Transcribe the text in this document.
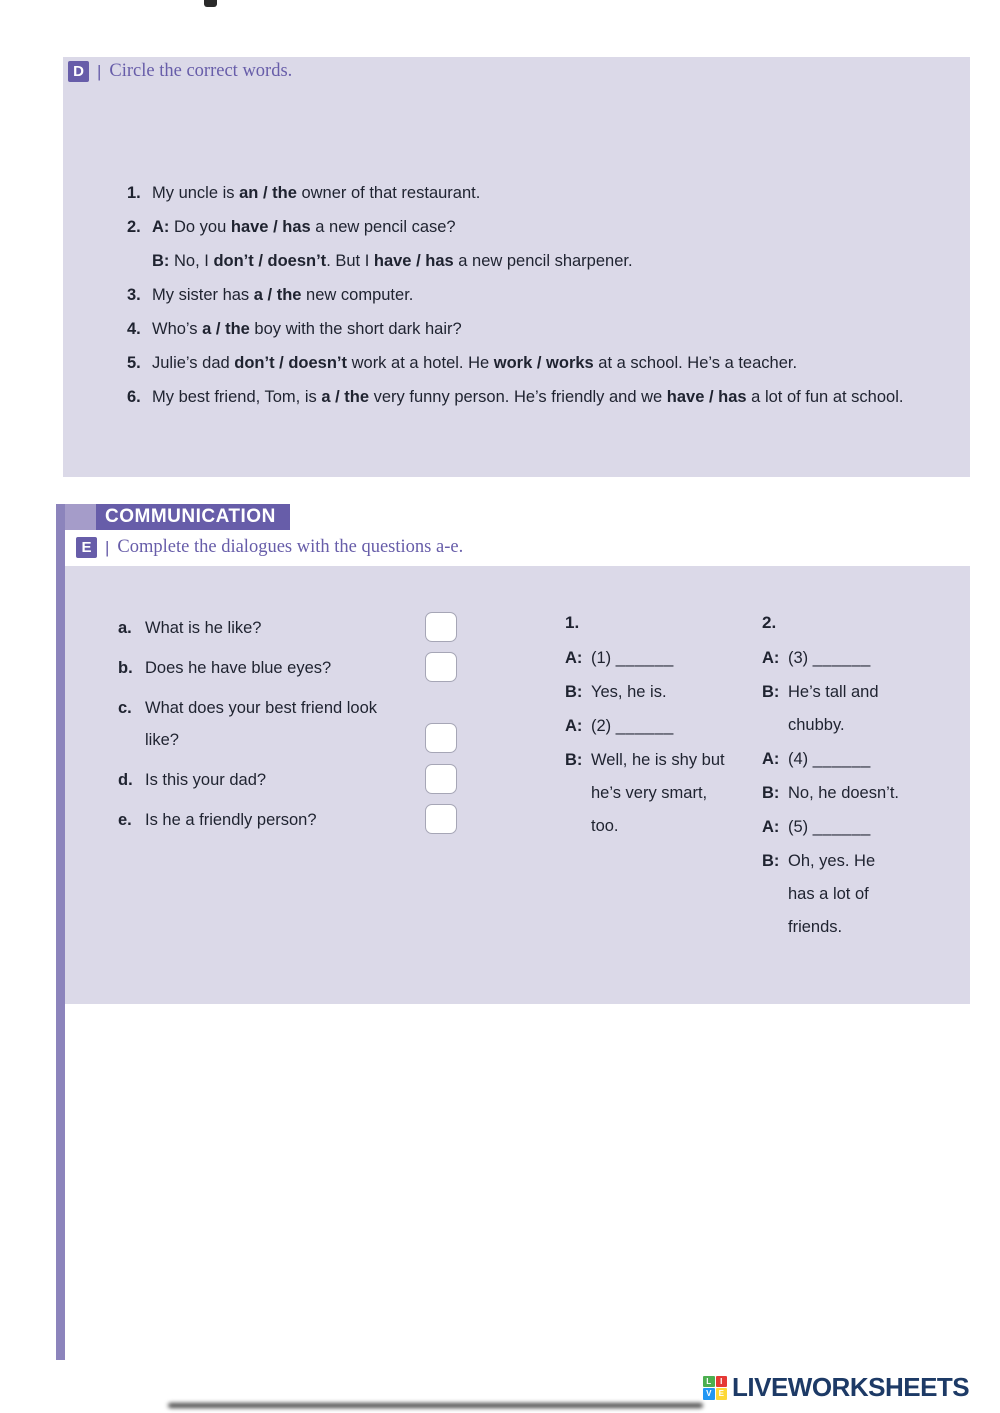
D | Circle the correct words.
1. My uncle is an / the owner of that restaurant.
2. A: Do you have / has a new pencil case?
B: No, I don’t / doesn’t. But I have / has a new pencil sharpener.
3. My sister has a / the new computer.
4. Who’s a / the boy with the short dark hair?
5. Julie’s dad don’t / doesn’t work at a hotel. He work / works at a school. He’s a teacher.
6. My best friend, Tom, is a / the very funny person. He’s friendly and we have / has a lot of fun at school.
COMMUNICATION
E | Complete the dialogues with the questions a-e.
a. What is he like?
b. Does he have blue eyes?
c. What does your best friend look like?
d. Is this your dad?
e. Is he a friendly person?
1.
A: (1) ______
B: Yes, he is.
A: (2) ______
B: Well, he is shy but he’s very smart, too.
2.
A: (3) ______
B: He’s tall and chubby.
A: (4) ______
B: No, he doesn’t.
A: (5) ______
B: Oh, yes. He has a lot of friends.
L	I
V E LIVEWORKSHEETS
